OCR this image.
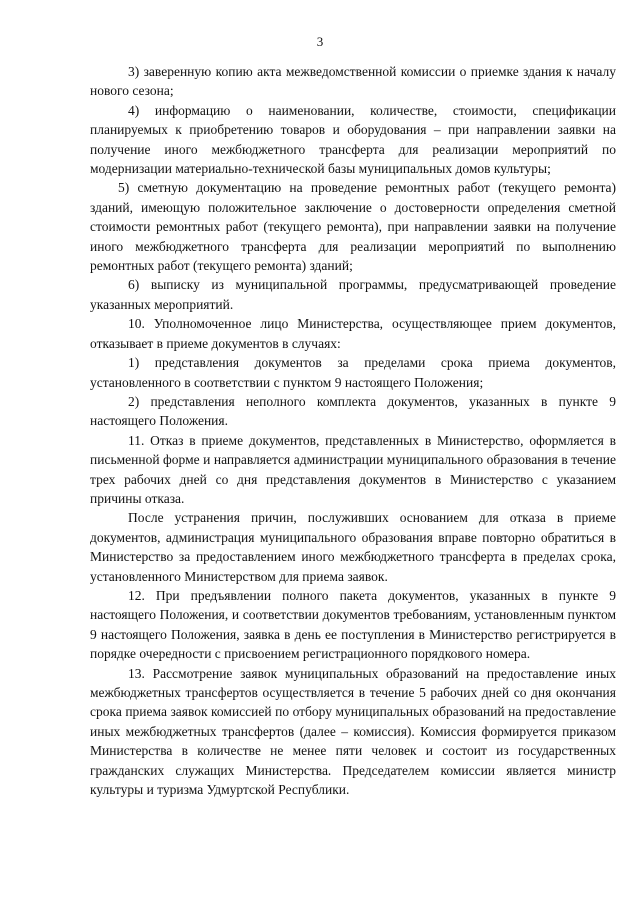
3

3) заверенную копию акта межведомственной комиссии о приемке здания к началу нового сезона;

4) информацию о наименовании, количестве, стоимости, спецификации планируемых к приобретению товаров и оборудования – при направлении заявки на получение иного межбюджетного трансферта для реализации мероприятий по модернизации материально-технической базы муниципальных домов культуры;

5) сметную документацию на проведение ремонтных работ (текущего ремонта) зданий, имеющую положительное заключение о достоверности определения сметной стоимости ремонтных работ (текущего ремонта), при направлении заявки на получение иного межбюджетного трансферта для реализации мероприятий по выполнению ремонтных работ (текущего ремонта) зданий;

6) выписку из муниципальной программы, предусматривающей проведение указанных мероприятий.

10. Уполномоченное лицо Министерства, осуществляющее прием документов, отказывает в приеме документов в случаях:

1) представления документов за пределами срока приема документов, установленного в соответствии с пунктом 9 настоящего Положения;

2) представления неполного комплекта документов, указанных в пункте 9 настоящего Положения.

11. Отказ в приеме документов, представленных в Министерство, оформляется в письменной форме и направляется администрации муниципального образования в течение трех рабочих дней со дня представления документов в Министерство с указанием причины отказа.

После устранения причин, послуживших основанием для отказа в приеме документов, администрация муниципального образования вправе повторно обратиться в Министерство за предоставлением иного межбюджетного трансферта в пределах срока, установленного Министерством для приема заявок.

12. При предъявлении полного пакета документов, указанных в пункте 9 настоящего Положения, и соответствии документов требованиям, установленным пунктом 9 настоящего Положения, заявка в день ее поступления в Министерство регистрируется в порядке очередности с присвоением регистрационного порядкового номера.

13. Рассмотрение заявок муниципальных образований на предоставление иных межбюджетных трансфертов осуществляется в течение 5 рабочих дней со дня окончания срока приема заявок комиссией по отбору муниципальных образований на предоставление иных межбюджетных трансфертов (далее – комиссия). Комиссия формируется приказом Министерства в количестве не менее пяти человек и состоит из государственных гражданских служащих Министерства. Председателем комиссии является министр культуры и туризма Удмуртской Республики.
